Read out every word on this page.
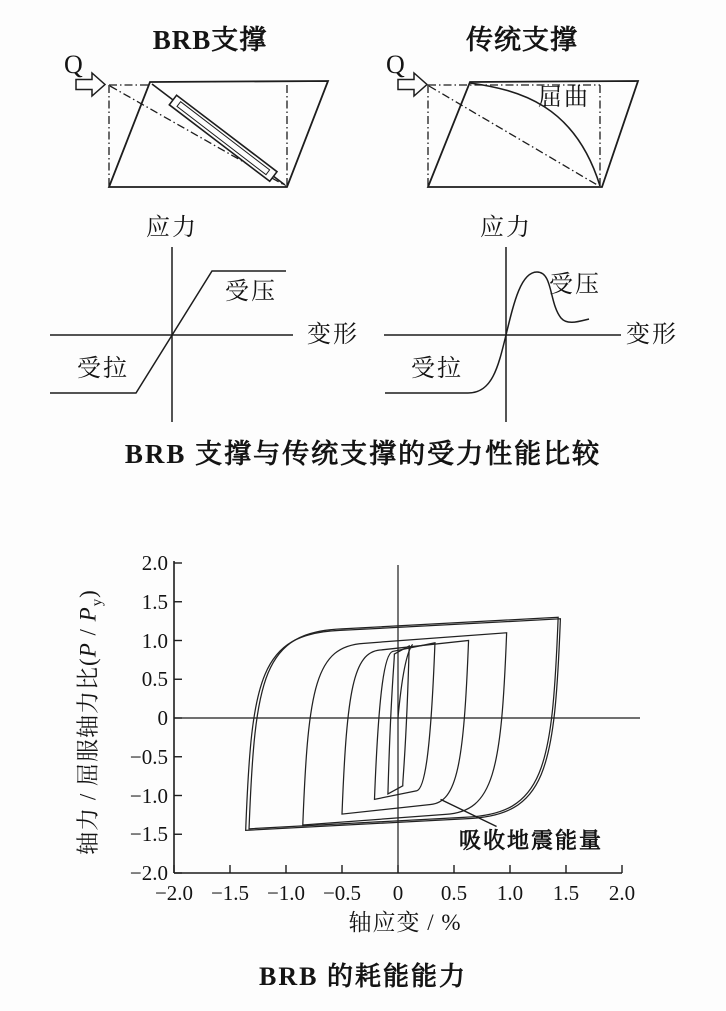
BRB支撑	传统支撑
Q	Q
屈曲
应力
变形
受压
受拉
应力
变形
受压
受拉
BRB 支撑与传统支撑的受力性能比较
2.0
1.5
1.0
0.5
0
−0.5
−1.0
−1.5
−2.0
−2.0 −1.5 −1.0 −0.5	0	0.5	1.0	1.5	2.0
轴力 / 屈服轴力比$(P / P_y)$
轴应变 / %
吸收地震能量
BRB 的耗能能力
